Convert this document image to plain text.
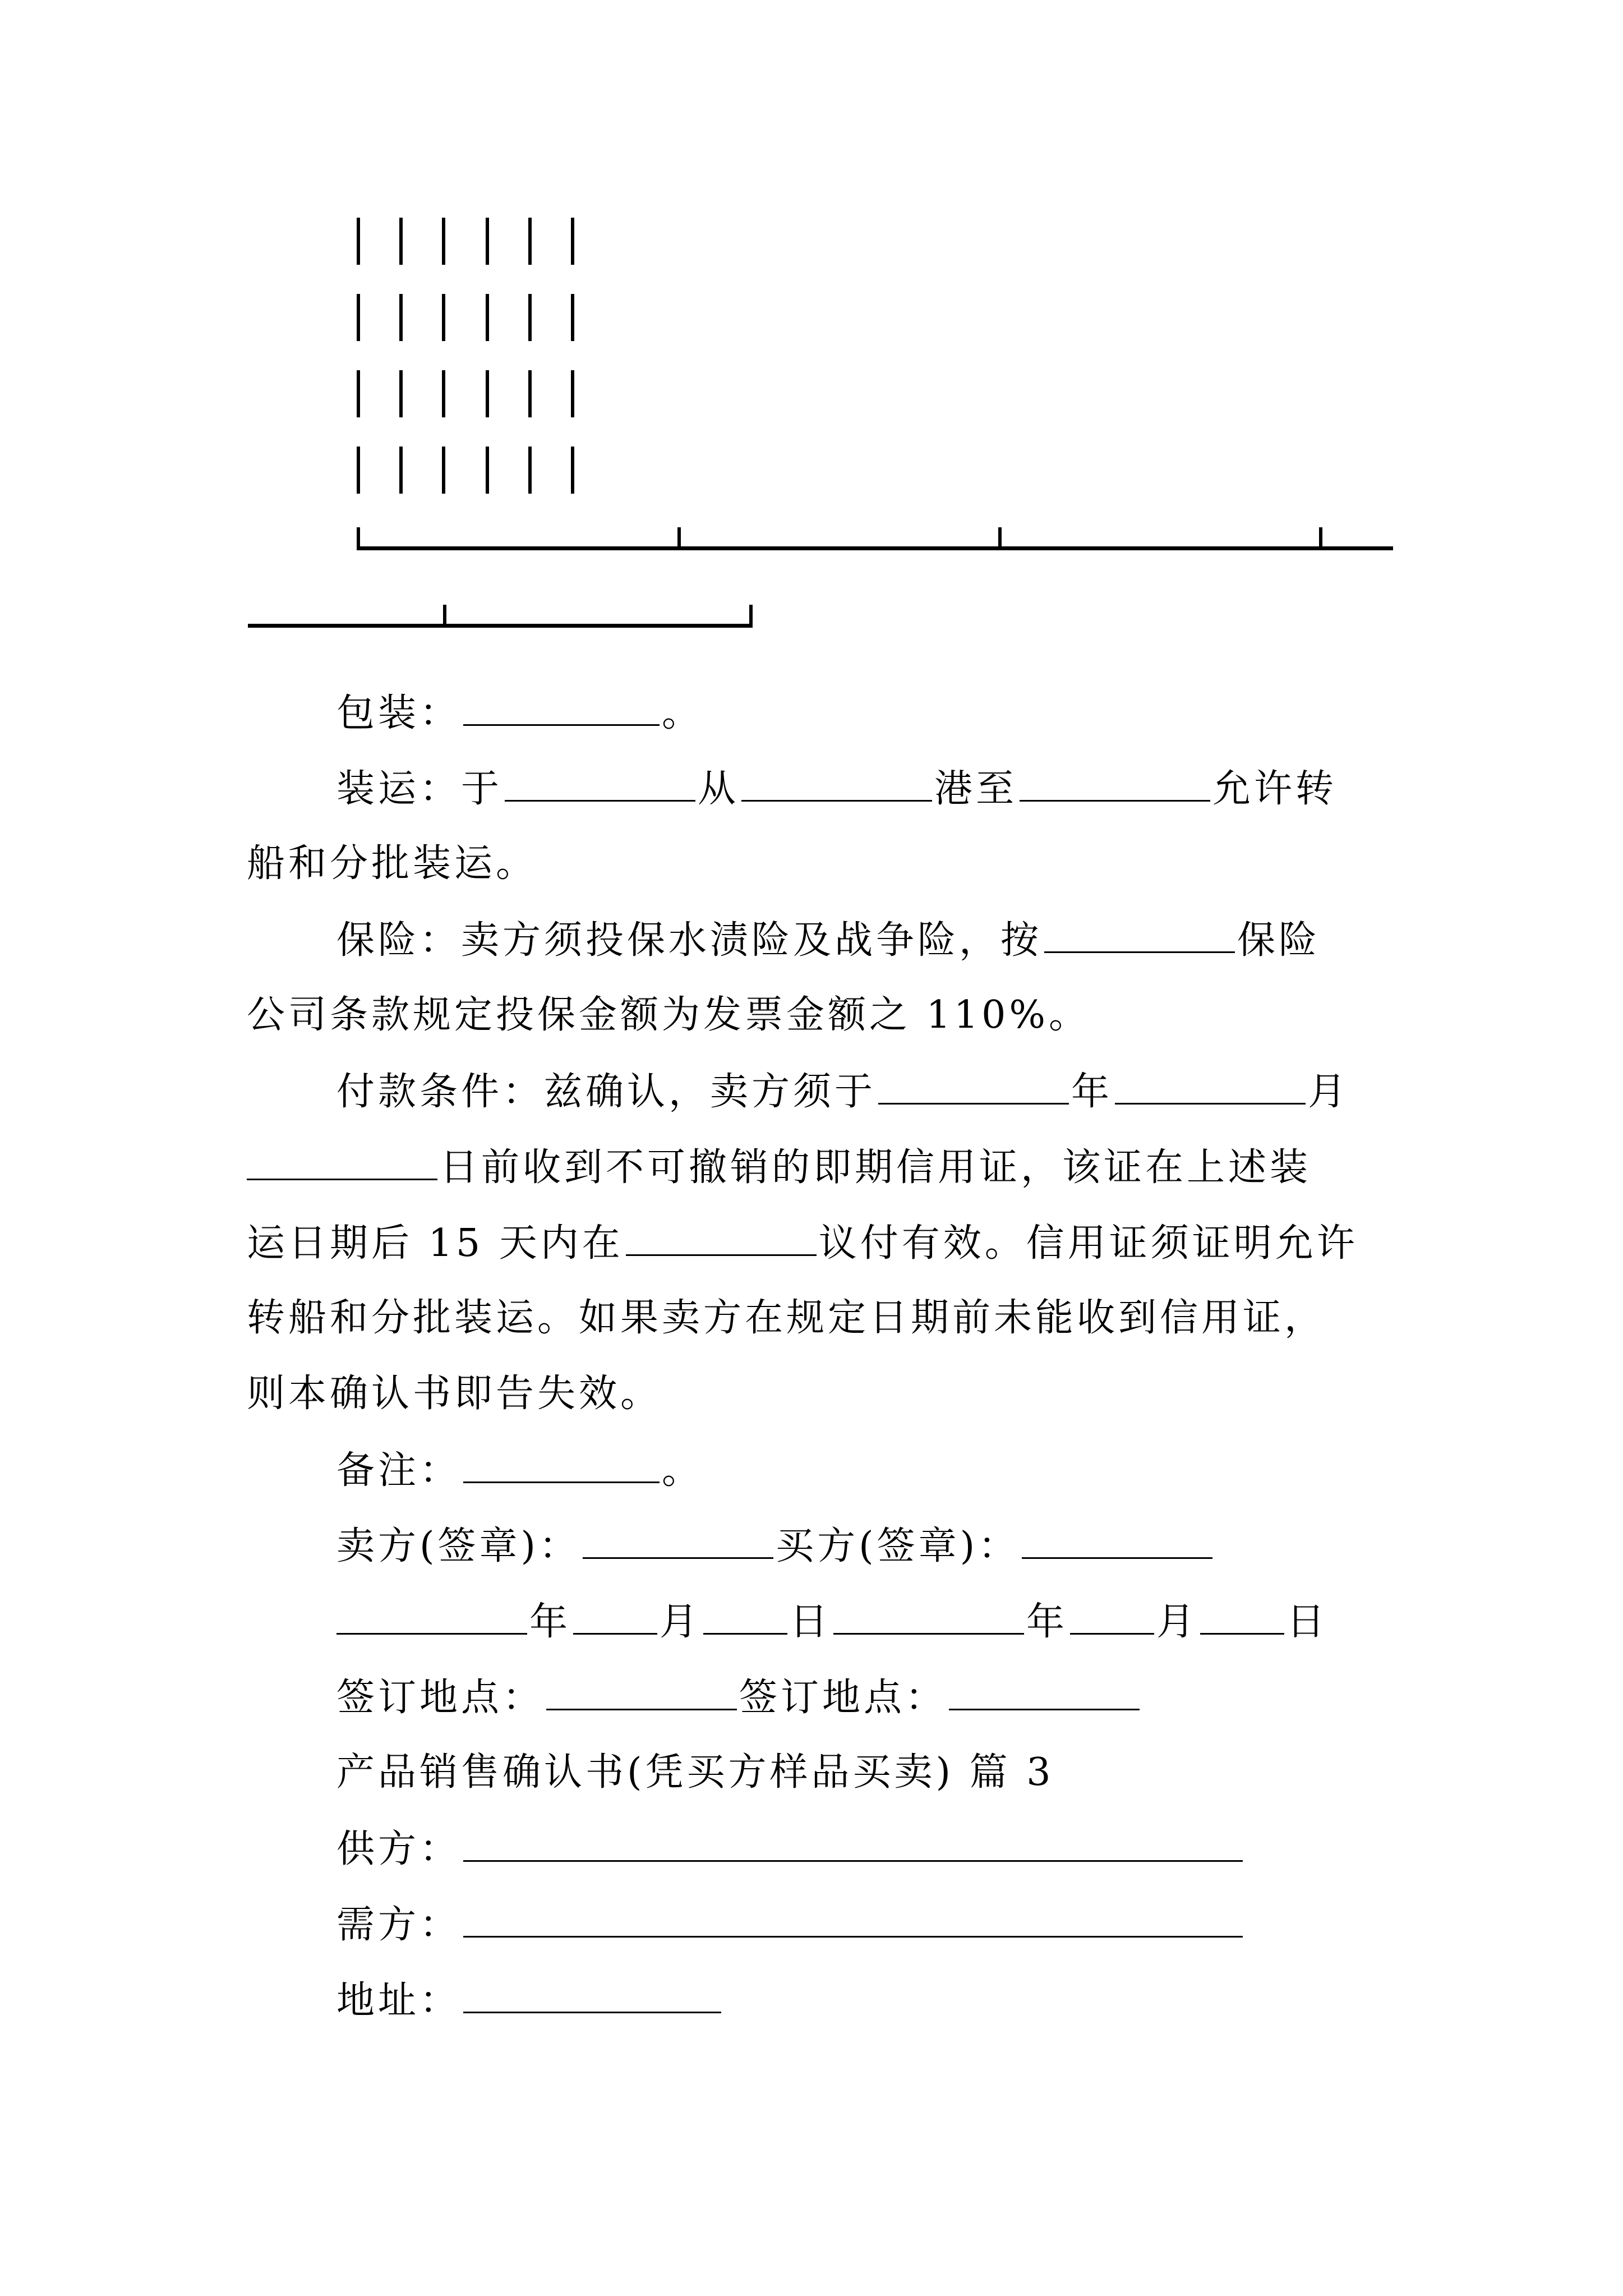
包装：	。
装运：于	从	港至	允许转
船和分批装运。
保险：卖方须投保水渍险及战争险，按	保险
公司条款规定投保金额为发票金额之 110%。
付款条件：兹确认，卖方须于	年	月
日前收到不可撤销的即期信用证，该证在上述装
运日期后 15 天内在	议付有效。信用证须证明允许
转船和分批装运。如果卖方在规定日期前未能收到信用证，
则本确认书即告失效。
备注：	。
卖方(签章)：	买方(签章)：
年 月 日	年 月 日
签订地点：	签订地点：
产品销售确认书(凭买方样品买卖) 篇 3
供方：
需方：
地址：
